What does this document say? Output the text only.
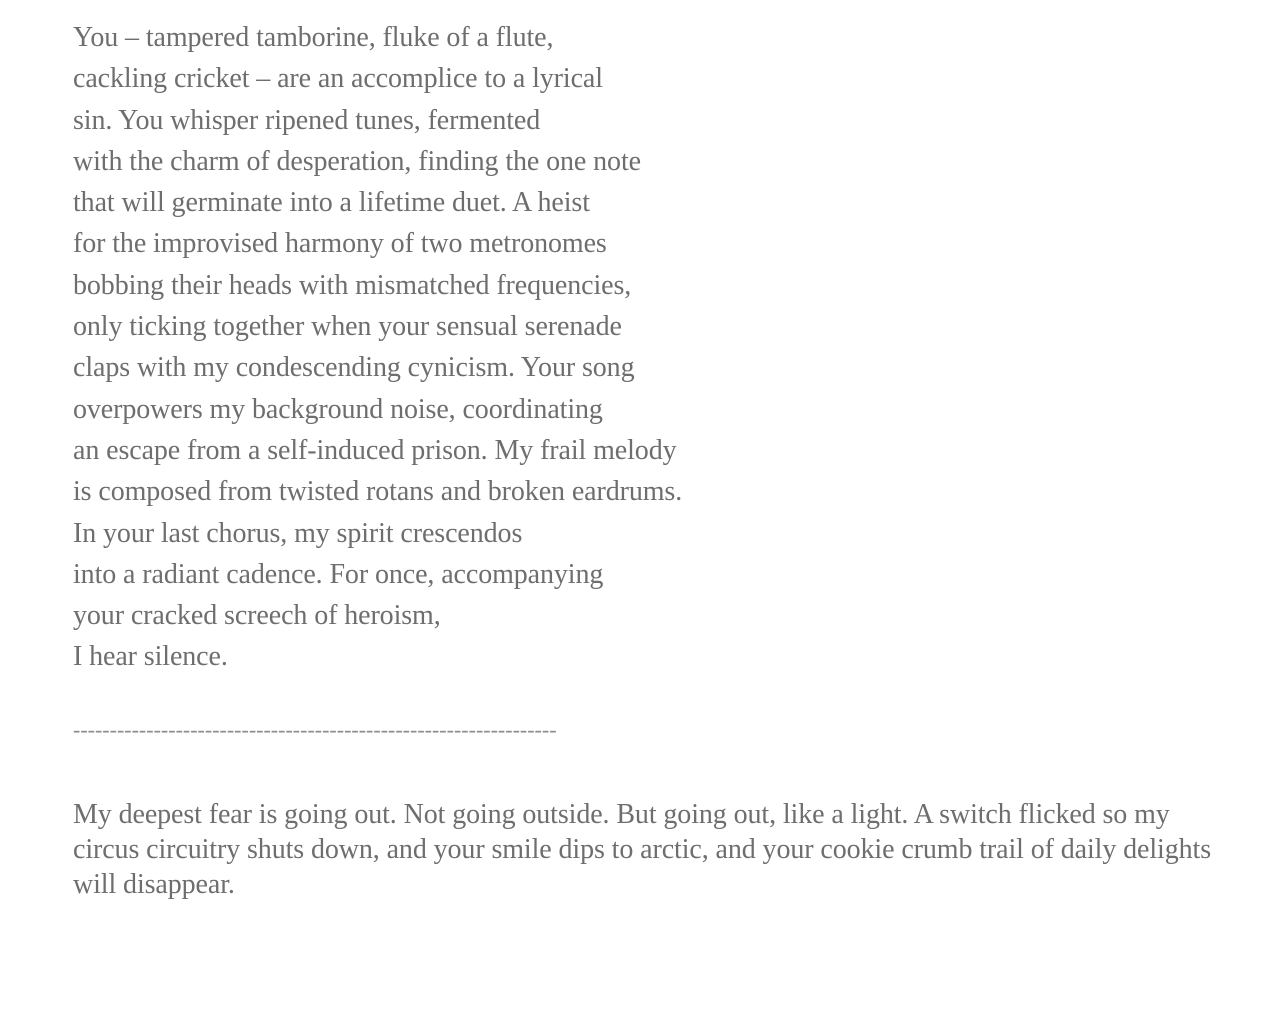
You – tampered tamborine, fluke of a flute,
cackling cricket – are an accomplice to a lyrical
sin. You whisper ripened tunes, fermented
with the charm of desperation, finding the one note
that will germinate into a lifetime duet. A heist
for the improvised harmony of two metronomes
bobbing their heads with mismatched frequencies,
only ticking together when your sensual serenade
claps with my condescending cynicism. Your song
overpowers my background noise, coordinating
an escape from a self-induced prison. My frail melody
is composed from twisted rotans and broken eardrums.
In your last chorus, my spirit crescendos
into a radiant cadence. For once, accompanying
your cracked screech of heroism,
I hear silence.
------------------------------------------------------------------

My deepest fear is going out. Not going outside. But going out, like a light. A switch flicked so my circus circuitry shuts down, and your smile dips to arctic, and your cookie crumb trail of daily delights will disappear.
